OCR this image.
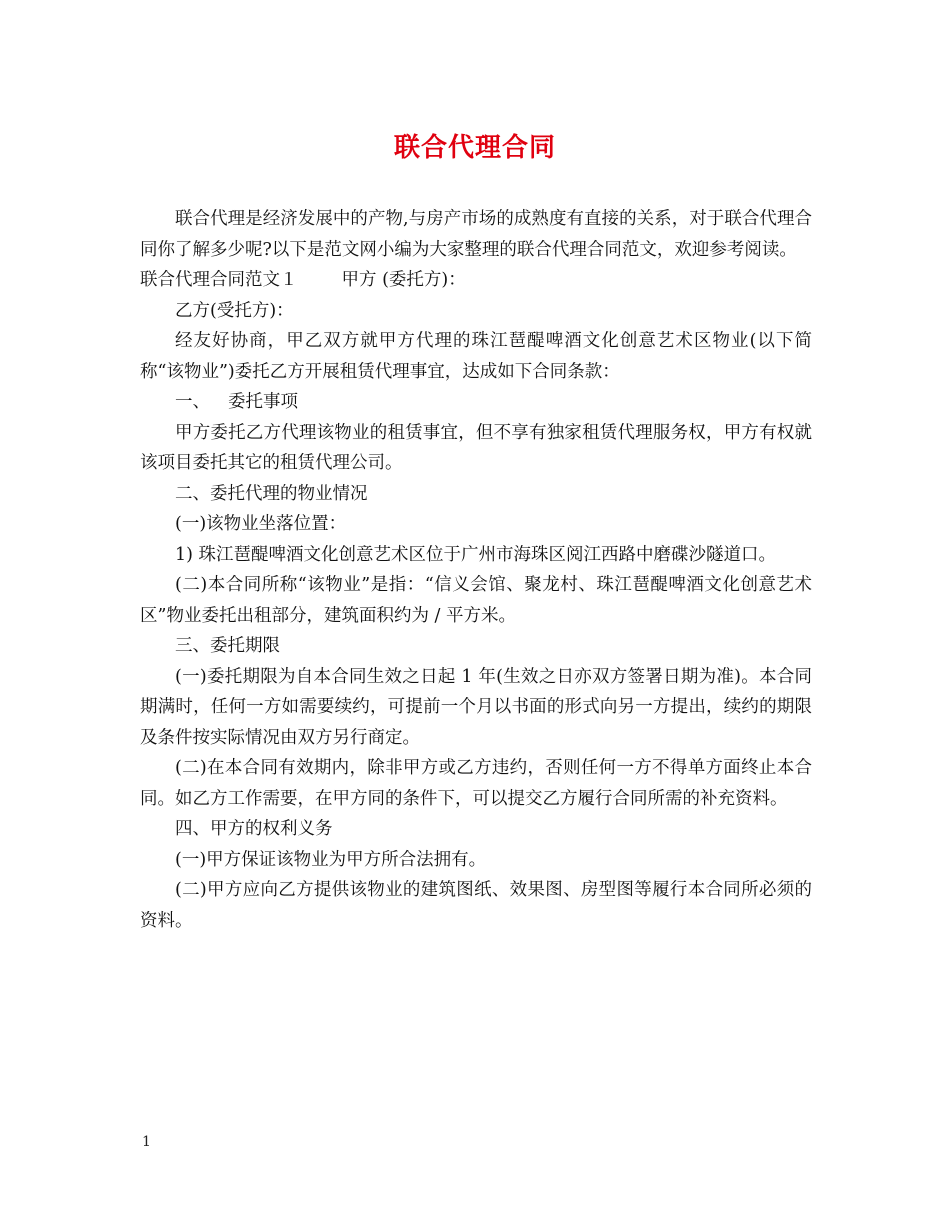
联合代理合同

联合代理是经济发展中的产物,与房产市场的成熟度有直接的关系，对于联合代理合同你了解多少呢?以下是范文网小编为大家整理的联合代理合同范文，欢迎参考阅读。

联合代理合同范文１	甲方 (委托方)：

乙方(受托方)：

经友好协商，甲乙双方就甲方代理的珠江琶醍啤酒文化创意艺术区物业(以下简称“该物业”)委托乙方开展租赁代理事宜，达成如下合同条款：

一、 委托事项

甲方委托乙方代理该物业的租赁事宜，但不享有独家租赁代理服务权，甲方有权就该项目委托其它的租赁代理公司。

二、委托代理的物业情况

(一)该物业坐落位置：

1) 珠江琶醍啤酒文化创意艺术区位于广州市海珠区阅江西路中磨碟沙隧道口。

(二)本合同所称“该物业”是指：“信义会馆、聚龙村、珠江琶醍啤酒文化创意艺术区”物业委托出租部分，建筑面积约为 / 平方米。

三、委托期限

(一)委托期限为自本合同生效之日起 1 年(生效之日亦双方签署日期为准)。本合同期满时，任何一方如需要续约，可提前一个月以书面的形式向另一方提出，续约的期限及条件按实际情况由双方另行商定。

(二)在本合同有效期内，除非甲方或乙方违约，否则任何一方不得单方面终止本合同。如乙方工作需要，在甲方同的条件下，可以提交乙方履行合同所需的补充资料。

四、甲方的权利义务

(一)甲方保证该物业为甲方所合法拥有。

(二)甲方应向乙方提供该物业的建筑图纸、效果图、房型图等履行本合同所必须的资料。

1
